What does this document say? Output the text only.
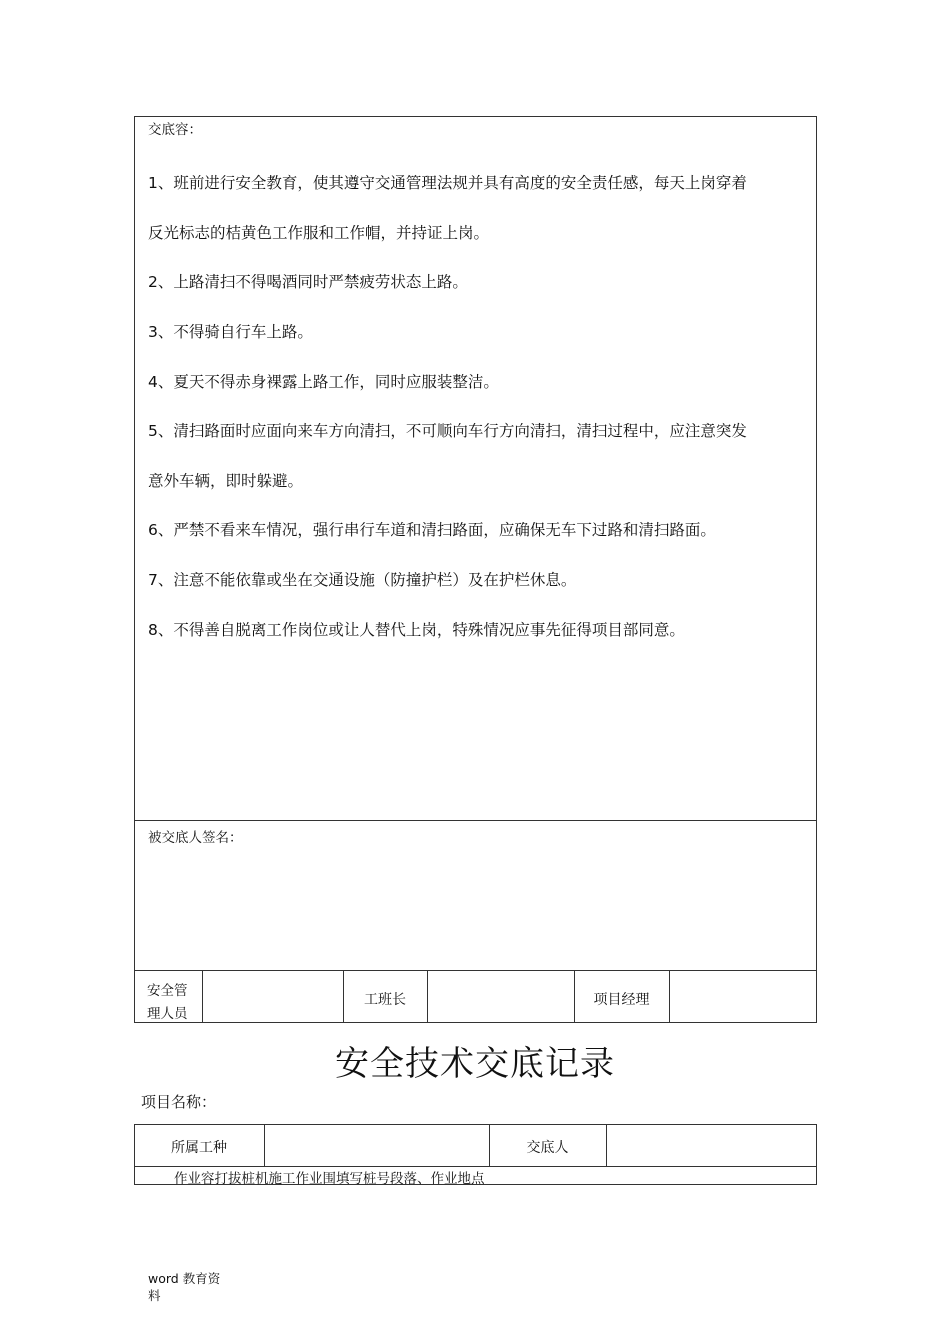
交底容：
1、班前进行安全教育，使其遵守交通管理法规并具有高度的安全责任感，每天上岗穿着
反光标志的桔黄色工作服和工作帽，并持证上岗。
2、上路清扫不得喝酒同时严禁疲劳状态上路。
3、不得骑自行车上路。
4、夏天不得赤身裸露上路工作，同时应服装整洁。
5、清扫路面时应面向来车方向清扫，不可顺向车行方向清扫，清扫过程中，应注意突发
意外车辆，即时躲避。
6、严禁不看来车情况，强行串行车道和清扫路面，应确保无车下过路和清扫路面。
7、注意不能依靠或坐在交通设施（防撞护栏）及在护栏休息。
8、不得善自脱离工作岗位或让人替代上岗，特殊情况应事先征得项目部同意。
被交底人签名：
安全管
理人员
工班长	项目经理
安全技术交底记录
项目名称：
所属工种	交底人
作业容打拔桩机施工作业围填写桩号段落、作业地点
word 教育资
料
